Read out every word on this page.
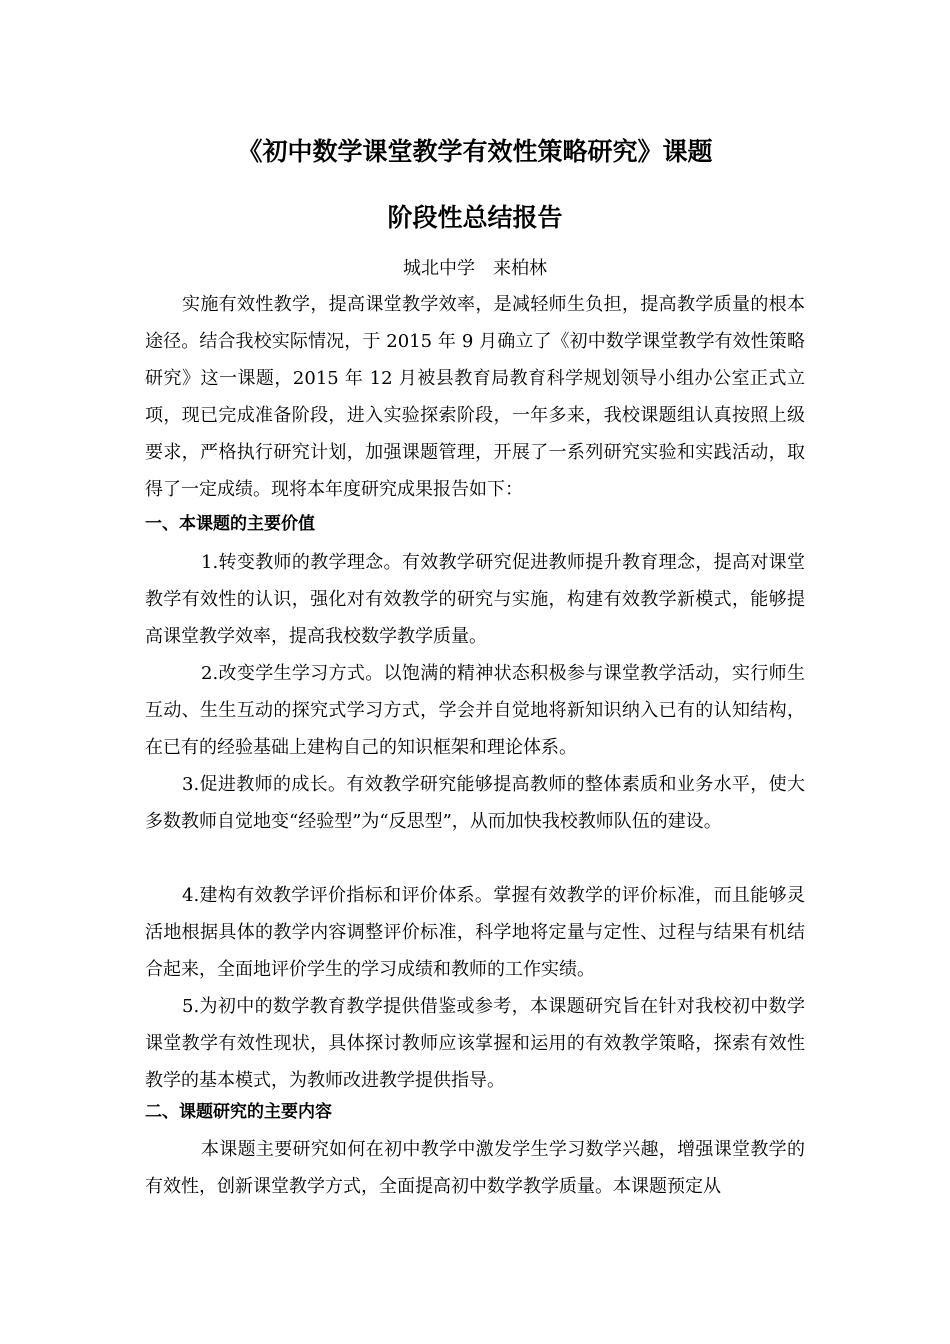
《初中数学课堂教学有效性策略研究》课题
阶段性总结报告
城北中学　来柏林

实施有效性教学，提高课堂教学效率，是减轻师生负担，提高教学质量的根本途径。结合我校实际情况，于 2015 年 9 月确立了《初中数学课堂教学有效性策略研究》这一课题，2015 年 12 月被县教育局教育科学规划领导小组办公室正式立项，现已完成准备阶段，进入实验探索阶段，一年多来，我校课题组认真按照上级要求，严格执行研究计划，加强课题管理，开展了一系列研究实验和实践活动，取得了一定成绩。现将本年度研究成果报告如下：

一、本课题的主要价值

1.转变教师的教学理念。有效教学研究促进教师提升教育理念，提高对课堂教学有效性的认识，强化对有效教学的研究与实施，构建有效教学新模式，能够提高课堂教学效率，提高我校数学教学质量。

2.改变学生学习方式。以饱满的精神状态积极参与课堂教学活动，实行师生互动、生生互动的探究式学习方式，学会并自觉地将新知识纳入已有的认知结构，在已有的经验基础上建构自己的知识框架和理论体系。

3.促进教师的成长。有效教学研究能够提高教师的整体素质和业务水平，使大多数教师自觉地变“经验型”为“反思型”，从而加快我校教师队伍的建设。

4.建构有效教学评价指标和评价体系。掌握有效教学的评价标准，而且能够灵活地根据具体的教学内容调整评价标准，科学地将定量与定性、过程与结果有机结合起来，全面地评价学生的学习成绩和教师的工作实绩。

5.为初中的数学教育教学提供借鉴或参考，本课题研究旨在针对我校初中数学课堂教学有效性现状，具体探讨教师应该掌握和运用的有效教学策略，探索有效性教学的基本模式，为教师改进教学提供指导。

二、课题研究的主要内容

本课题主要研究如何在初中教学中激发学生学习数学兴趣，增强课堂教学的有效性，创新课堂教学方式，全面提高初中数学教学质量。本课题预定从
